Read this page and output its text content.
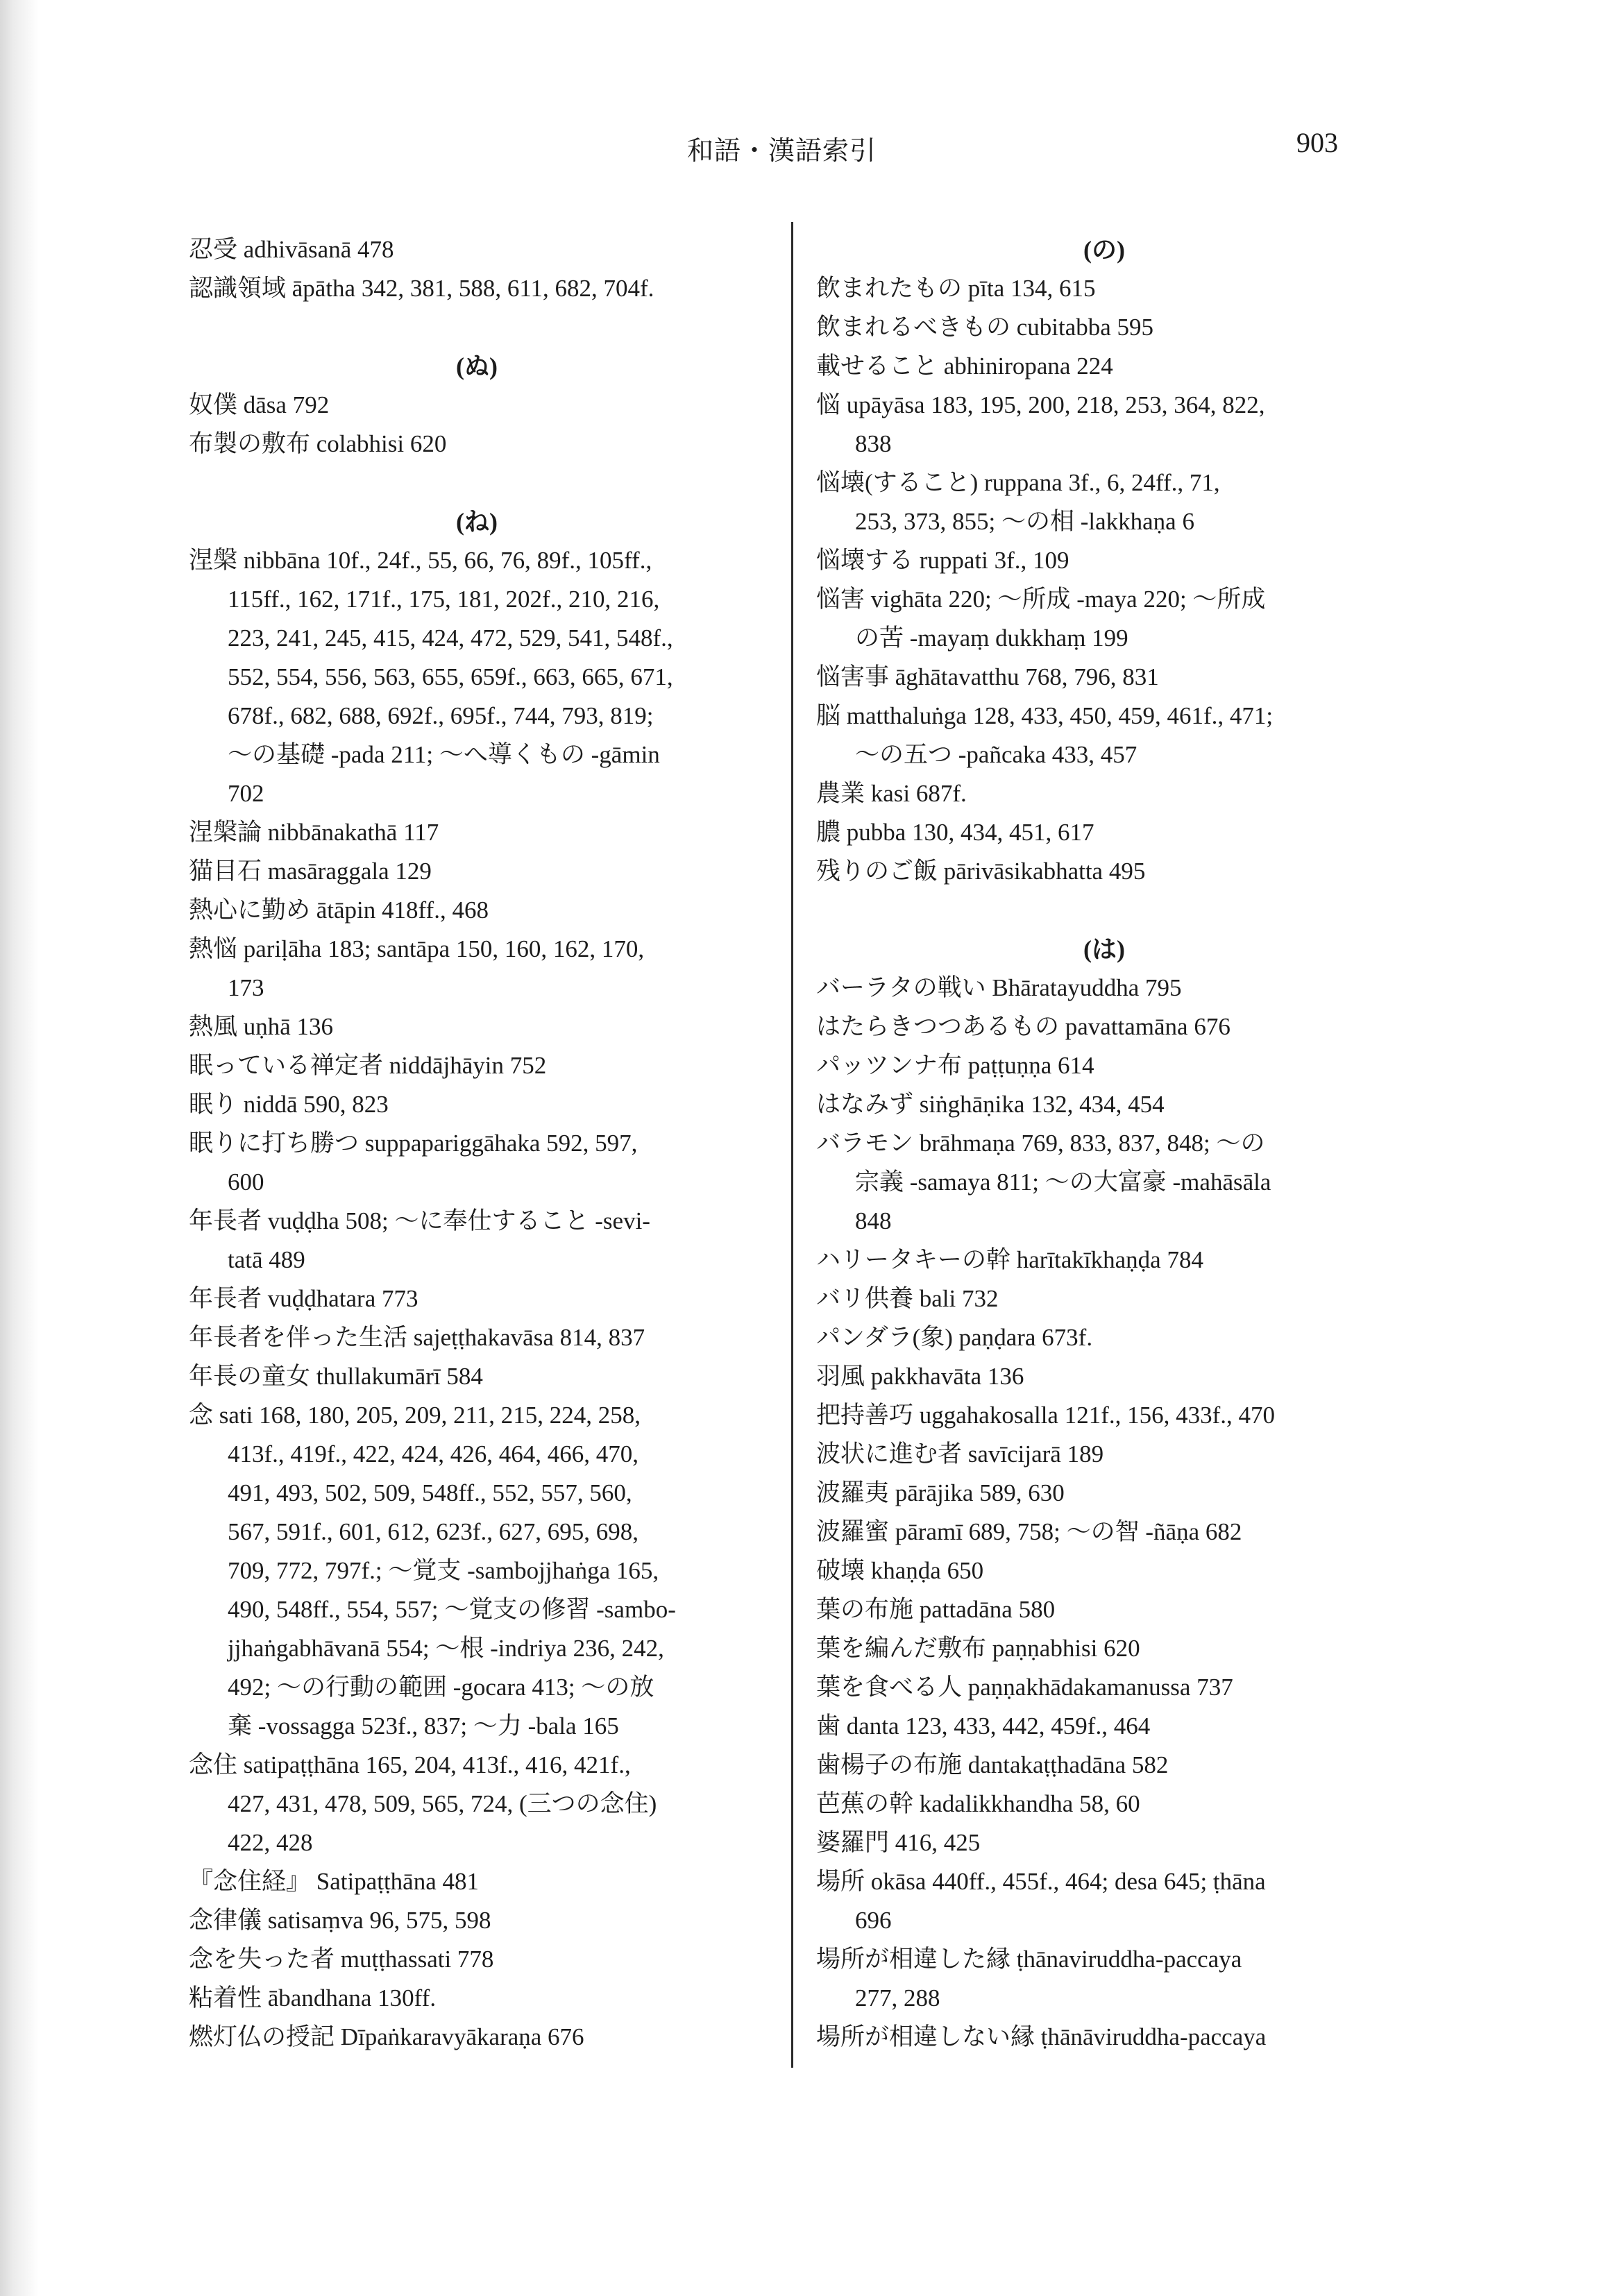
和語・漢語索引	903
忍受 adhivāsanā 478
認識領域 āpātha 342, 381, 588, 611, 682, 704f.
(ぬ)
奴僕 dāsa 792
布製の敷布 colabhisi 620
(ね)
涅槃 nibbāna 10f., 24f., 55, 66, 76, 89f., 105ff.,
115ff., 162, 171f., 175, 181, 202f., 210, 216,
223, 241, 245, 415, 424, 472, 529, 541, 548f.,
552, 554, 556, 563, 655, 659f., 663, 665, 671,
678f., 682, 688, 692f., 695f., 744, 793, 819;
〜の基礎 -pada 211; 〜へ導くもの -gāmin
702
涅槃論 nibbānakathā 117
猫目石 masāraggala 129
熱心に勤め ātāpin 418ff., 468
熱悩 pariḷāha 183; santāpa 150, 160, 162, 170,
173
熱風 uṇhā 136
眠っている禅定者 niddājhāyin 752
眠り niddā 590, 823
眠りに打ち勝つ suppapariggāhaka 592, 597,
600
年長者 vuḍḍha 508; 〜に奉仕すること -sevi-
tatā 489
年長者 vuḍḍhatara 773
年長者を伴った生活 sajeṭṭhakavāsa 814, 837
年長の童女 thullakumārī 584
念 sati 168, 180, 205, 209, 211, 215, 224, 258,
413f., 419f., 422, 424, 426, 464, 466, 470,
491, 493, 502, 509, 548ff., 552, 557, 560,
567, 591f., 601, 612, 623f., 627, 695, 698,
709, 772, 797f.; 〜覚支 -sambojjhaṅga 165,
490, 548ff., 554, 557; 〜覚支の修習 -sambo-
jjhaṅgabhāvanā 554; 〜根 -indriya 236, 242,
492; 〜の行動の範囲 -gocara 413; 〜の放
棄 -vossagga 523f., 837; 〜力 -bala 165
念住 satipaṭṭhāna 165, 204, 413f., 416, 421f.,
427, 431, 478, 509, 565, 724, (三つの念住)
422, 428
『念住経』 Satipaṭṭhāna 481
念律儀 satisaṃva 96, 575, 598
念を失った者 muṭṭhassati 778
粘着性 ābandhana 130ff.
燃灯仏の授記 Dīpaṅkaravyākaraṇa 676
(の)
飲まれたもの pīta 134, 615
飲まれるべきもの cubitabba 595
載せること abhiniropana 224
悩 upāyāsa 183, 195, 200, 218, 253, 364, 822,
838
悩壊(すること) ruppana 3f., 6, 24ff., 71,
253, 373, 855; 〜の相 -lakkhaṇa 6
悩壊する ruppati 3f., 109
悩害 vighāta 220; 〜所成 -maya 220; 〜所成
の苦 -mayaṃ dukkhaṃ 199
悩害事 āghātavatthu 768, 796, 831
脳 matthaluṅga 128, 433, 450, 459, 461f., 471;
〜の五つ -pañcaka 433, 457
農業 kasi 687f.
膿 pubba 130, 434, 451, 617
残りのご飯 pārivāsikabhatta 495
(は)
バーラタの戦い Bhāratayuddha 795
はたらきつつあるもの pavattamāna 676
パッツンナ布 paṭṭuṇṇa 614
はなみず siṅghāṇika 132, 434, 454
バラモン brāhmaṇa 769, 833, 837, 848; 〜の
宗義 -samaya 811; 〜の大富豪 -mahāsāla
848
ハリータキーの幹 harītakīkhaṇḍa 784
バリ供養 bali 732
パンダラ(象) paṇḍara 673f.
羽風 pakkhavāta 136
把持善巧 uggahakosalla 121f., 156, 433f., 470
波状に進む者 savīcijarā 189
波羅夷 pārājika 589, 630
波羅蜜 pāramī 689, 758; 〜の智 -ñāṇa 682
破壊 khaṇḍa 650
葉の布施 pattadāna 580
葉を編んだ敷布 paṇṇabhisi 620
葉を食べる人 paṇṇakhādakamanussa 737
歯 danta 123, 433, 442, 459f., 464
歯楊子の布施 dantakaṭṭhadāna 582
芭蕉の幹 kadalikkhandha 58, 60
婆羅門 416, 425
場所 okāsa 440ff., 455f., 464; desa 645; ṭhāna
696
場所が相違した縁 ṭhānaviruddha-paccaya
277, 288
場所が相違しない縁 ṭhānāviruddha-paccaya
